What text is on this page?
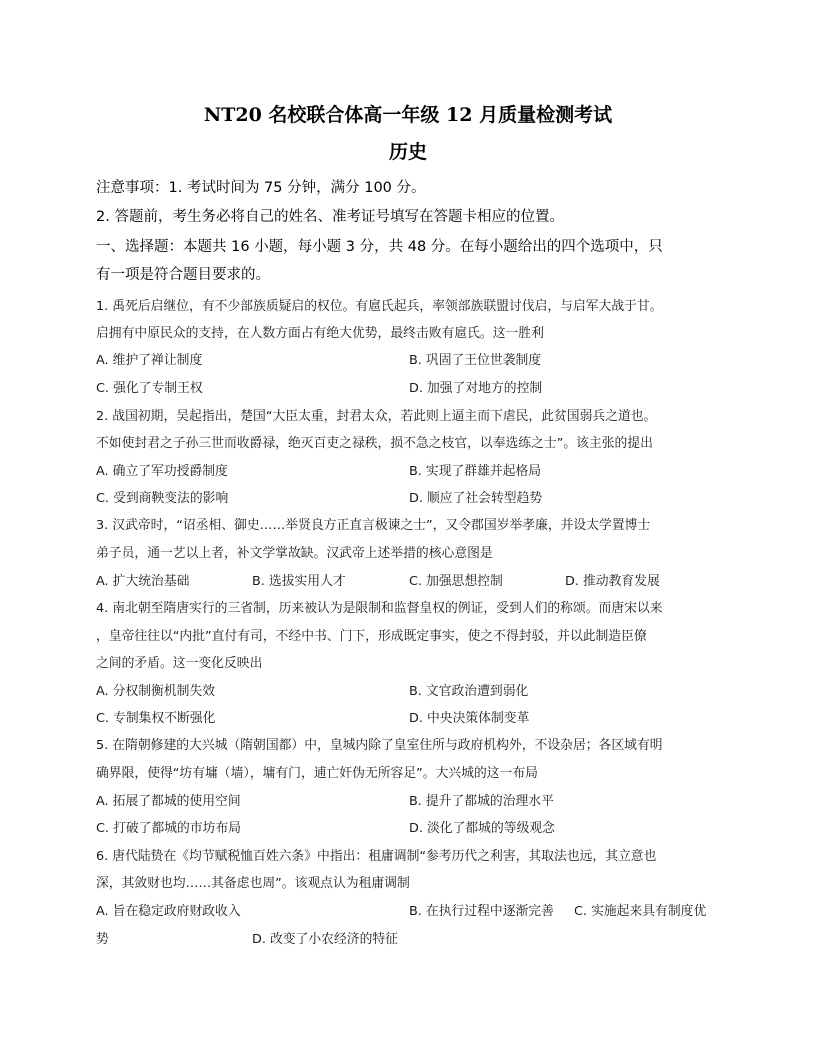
NT20 名校联合体高一年级 12 月质量检测考试
历史
注意事项：1. 考试时间为 75 分钟，满分 100 分。
2. 答题前，考生务必将自己的姓名、准考证号填写在答题卡相应的位置。
一、选择题：本题共 16 小题，每小题 3 分，共 48 分。在每小题给出的四个选项中，只
有一项是符合题目要求的。
1. 禹死后启继位，有不少部族质疑启的权位。有扈氏起兵，率领部族联盟讨伐启，与启军大战于甘。
启拥有中原民众的支持，在人数方面占有绝大优势，最终击败有扈氏。这一胜利
A. 维护了禅让制度	B. 巩固了王位世袭制度
C. 强化了专制王权	D. 加强了对地方的控制
2. 战国初期，吴起指出，楚国“大臣太重，封君太众，若此则上逼主而下虐民，此贫国弱兵之道也。
不如使封君之子孙三世而收爵禄，绝灭百吏之禄秩，损不急之枝官，以奉选练之士”。该主张的提出
A. 确立了军功授爵制度	B. 实现了群雄并起格局
C. 受到商鞅变法的影响	D. 顺应了社会转型趋势
3. 汉武帝时，“诏丞相、御史……举贤良方正直言极谏之士”，又令郡国岁举孝廉，并设太学置博士
弟子员，通一艺以上者，补文学掌故缺。汉武帝上述举措的核心意图是
A. 扩大统治基础	B. 选拔实用人才	C. 加强思想控制	D. 推动教育发展
4. 南北朝至隋唐实行的三省制，历来被认为是限制和监督皇权的例证，受到人们的称颂。而唐宋以来
，皇帝往往以“内批”直付有司，不经中书、门下，形成既定事实，使之不得封驳，并以此制造臣僚
之间的矛盾。这一变化反映出
A. 分权制衡机制失效	B. 文官政治遭到弱化
C. 专制集权不断强化	D. 中央决策体制变革
5. 在隋朝修建的大兴城（隋朝国都）中，皇城内除了皇室住所与政府机构外，不设杂居；各区域有明
确界限，使得“坊有墉（墙），墉有门，逋亡奸伪无所容足”。大兴城的这一布局
A. 拓展了都城的使用空间	B. 提升了都城的治理水平
C. 打破了都城的市坊布局	D. 淡化了都城的等级观念
6. 唐代陆贽在《均节赋税恤百姓六条》中指出：租庸调制“参考历代之利害，其取法也远，其立意也
深，其敛财也均……其备虑也周”。该观点认为租庸调制
A. 旨在稳定政府财政收入	B. 在执行过程中逐渐完善 C. 实施起来具有制度优
势	D. 改变了小农经济的特征
